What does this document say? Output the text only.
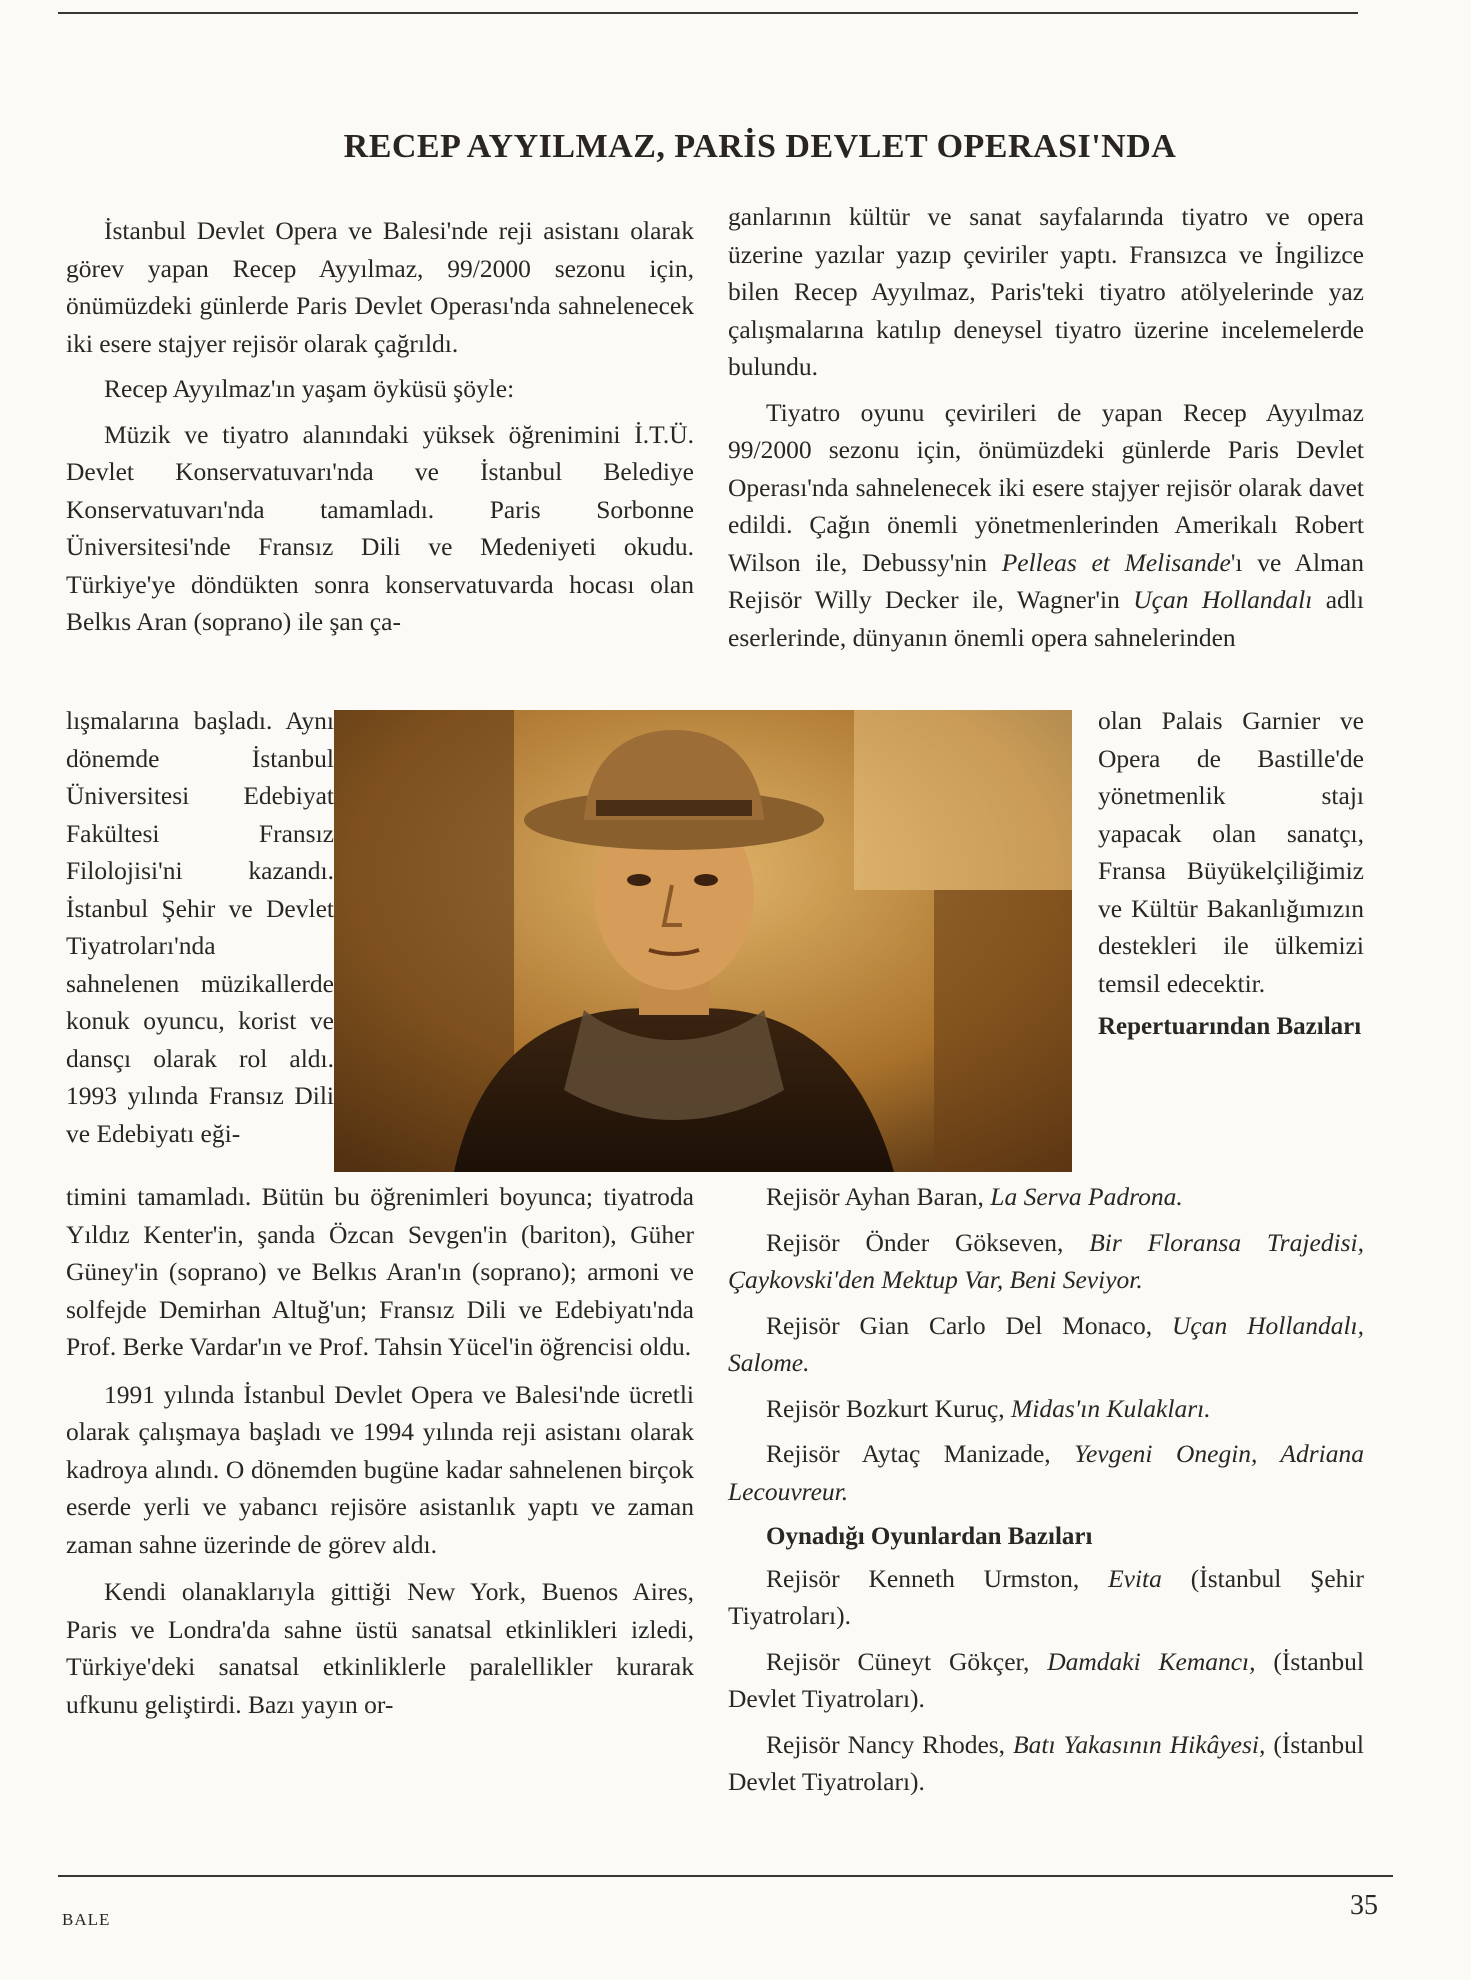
RECEP AYYILMAZ, PARİS DEVLET OPERASI'NDA

İstanbul Devlet Opera ve Balesi'nde reji asistanı olarak görev yapan Recep Ayyılmaz, 99/2000 sezonu için, önümüzdeki günlerde Paris Devlet Operası'nda sahnelenecek iki esere stajyer rejisör olarak çağrıldı.

Recep Ayyılmaz'ın yaşam öyküsü şöyle:

Müzik ve tiyatro alanındaki yüksek öğrenimini İ.T.Ü. Devlet Konservatuvarı'nda ve İstanbul Belediye Konservatuvarı'nda tamamladı. Paris Sorbonne Üniversitesi'nde Fransız Dili ve Medeniyeti okudu. Türkiye'ye döndükten sonra konservatuvarda hocası olan Belkıs Aran (soprano) ile şan ça-

lışmalarına başladı. Aynı dönemde İstanbul Üniversitesi Edebiyat Fakültesi Fransız Filolojisi'ni kazandı. İstanbul Şehir ve Devlet Tiyatroları'nda sahnelenen müzikallerde konuk oyuncu, korist ve dansçı olarak rol aldı. 1993 yılında Fransız Dili ve Edebiyatı eği-

ganlarının kültür ve sanat sayfalarında tiyatro ve opera üzerine yazılar yazıp çeviriler yaptı. Fransızca ve İngilizce bilen Recep Ayyılmaz, Paris'teki tiyatro atölyelerinde yaz çalışmalarına katılıp deneysel tiyatro üzerine incelemelerde bulundu.

Tiyatro oyunu çevirileri de yapan Recep Ayyılmaz 99/2000 sezonu için, önümüzdeki günlerde Paris Devlet Operası'nda sahnelenecek iki esere stajyer rejisör olarak davet edildi. Çağın önemli yönetmenlerinden Amerikalı Robert Wilson ile, Debussy'nin Pelleas et Melisande'ı ve Alman Rejisör Willy Decker ile, Wagner'in Uçan Hollandalı adlı eserlerinde, dünyanın önemli opera sahnelerinden

olan Palais Garnier ve Opera de Bastille'de yönetmenlik stajı yapacak olan sanatçı, Fransa Büyükelçiliğimiz ve Kültür Bakanlığımızın destekleri ile ülkemizi temsil edecektir.

Repertuarından Bazıları

timini tamamladı. Bütün bu öğrenimleri boyunca; tiyatroda Yıldız Kenter'in, şanda Özcan Sevgen'in (bariton), Güher Güney'in (soprano) ve Belkıs Aran'ın (soprano); armoni ve solfejde Demirhan Altuğ'un; Fransız Dili ve Edebiyatı'nda Prof. Berke Vardar'ın ve Prof. Tahsin Yücel'in öğrencisi oldu.

1991 yılında İstanbul Devlet Opera ve Balesi'nde ücretli olarak çalışmaya başladı ve 1994 yılında reji asistanı olarak kadroya alındı. O dönemden bugüne kadar sahnelenen birçok eserde yerli ve yabancı rejisöre asistanlık yaptı ve zaman zaman sahne üzerinde de görev aldı.

Kendi olanaklarıyla gittiği New York, Buenos Aires, Paris ve Londra'da sahne üstü sanatsal etkinlikleri izledi, Türkiye'deki sanatsal etkinliklerle paralellikler kurarak ufkunu geliştirdi. Bazı yayın or-

Rejisör Ayhan Baran, La Serva Padrona.

Rejisör Önder Gökseven, Bir Floransa Trajedisi, Çaykovski'den Mektup Var, Beni Seviyor.

Rejisör Gian Carlo Del Monaco, Uçan Hollandalı, Salome.

Rejisör Bozkurt Kuruç, Midas'ın Kulakları.

Rejisör Aytaç Manizade, Yevgeni Onegin, Adriana Lecouvreur.

Oynadığı Oyunlardan Bazıları

Rejisör Kenneth Urmston, Evita (İstanbul Şehir Tiyatroları).

Rejisör Cüneyt Gökçer, Damdaki Kemancı, (İstanbul Devlet Tiyatroları).

Rejisör Nancy Rhodes, Batı Yakasının Hikâyesi, (İstanbul Devlet Tiyatroları).

BALE	35
